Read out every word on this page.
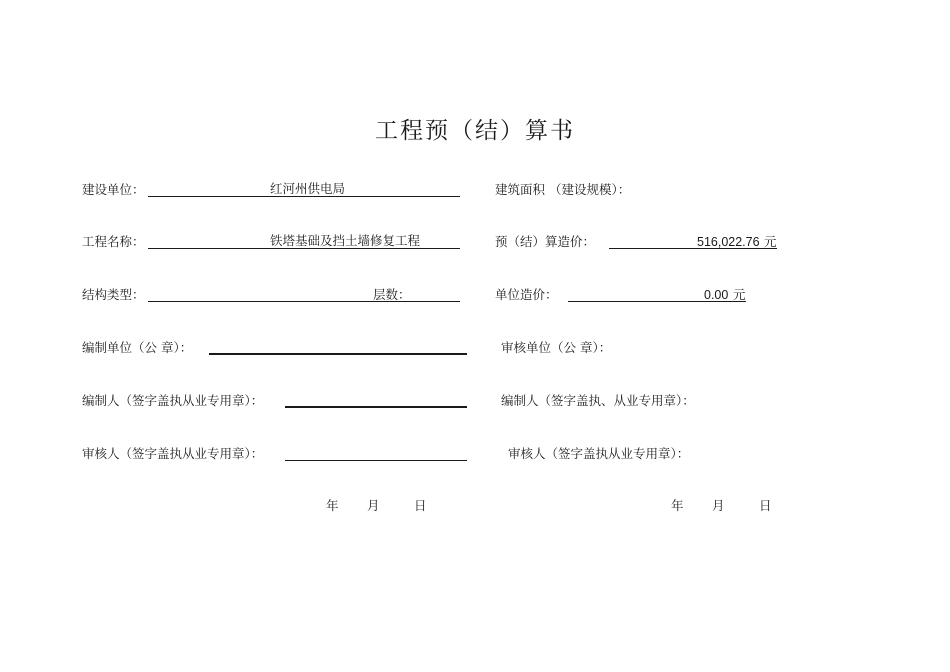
工程预（结）算书
建设单位：	红河州供电局	建筑面积 （建设规模）：
工程名称：	铁塔基础及挡土墙修复工程	预（结）算造价：	516,022.76 元
结构类型：	层数：	单位造价：	0.00 元
编制单位（公 章）：	审核单位（公 章）：
编制人（签字盖执从业专用章）：	编制人（签字盖执、从业专用章）：
审核人（签字盖执从业专用章）：	审核人（签字盖执从业专用章）：
年 月	日	年 月	日
